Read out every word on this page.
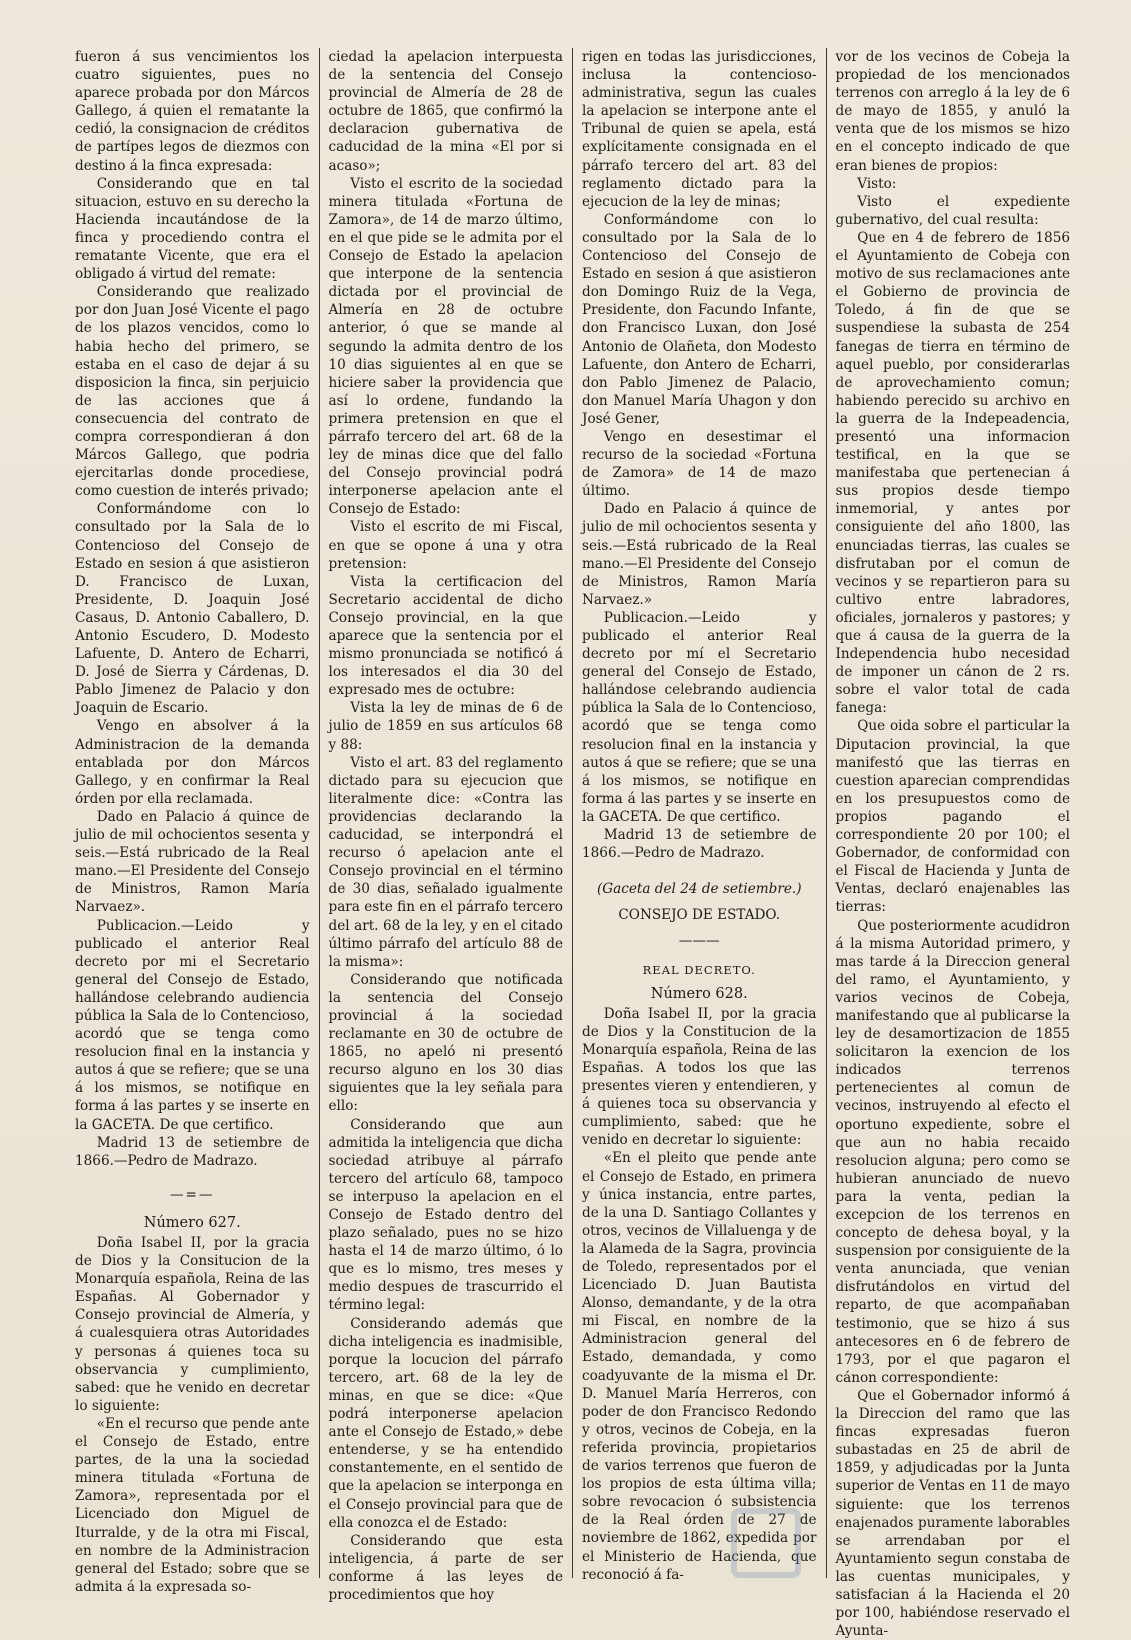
fueron á sus vencimientos los cuatro siguientes, pues no aparece probada por don Márcos Gallego, á quien el rematante la cedió, la consignacion de créditos de partípes legos de diezmos con destino á la finca expresada:

Considerando que en tal situacion, estuvo en su derecho la Hacienda incautándose de la finca y procediendo contra el rematante Vicente, que era el obligado á virtud del remate:

Considerando que realizado por don Juan José Vicente el pago de los plazos vencidos, como lo habia hecho del primero, se estaba en el caso de dejar á su disposicion la finca, sin perjuicio de las acciones que á consecuencia del contrato de compra correspondieran á don Márcos Gallego, que podria ejercitarlas donde procediese, como cuestion de interés privado;

Conformándome con lo consultado por la Sala de lo Contencioso del Consejo de Estado en sesion á que asistieron D. Francisco de Luxan, Presidente, D. Joaquin José Casaus, D. Antonio Caballero, D. Antonio Escudero, D. Modesto Lafuente, D. Antero de Echarri, D. José de Sierra y Cárdenas, D. Pablo Jimenez de Palacio y don Joaquin de Escario.

Vengo en absolver á la Administracion de la demanda entablada por don Márcos Gallego, y en confirmar la Real órden por ella reclamada.

Dado en Palacio á quince de julio de mil ochocientos sesenta y seis.—Está rubricado de la Real mano.—El Presidente del Consejo de Ministros, Ramon María Narvaez».

Publicacion.—Leido y publicado el anterior Real decreto por mi el Secretario general del Consejo de Estado, hallándose celebrando audiencia pública la Sala de lo Contencioso, acordó que se tenga como resolucion final en la instancia y autos á que se refiere; que se una á los mismos, se notifique en forma á las partes y se inserte en la GACETA. De que certifico.

Madrid 13 de setiembre de 1866.—Pedro de Madrazo.

—=—

Número 627.

Doña Isabel II, por la gracia de Dios y la Consitucion de la Monarquía española, Reina de las Españas. Al Gobernador y Consejo provincial de Almería, y á cualesquiera otras Autoridades y personas á quienes toca su observancia y cumplimiento, sabed: que he venido en decretar lo siguiente:

«En el recurso que pende ante el Consejo de Estado, entre partes, de la una la sociedad minera titulada «Fortuna de Zamora», representada por el Licenciado don Miguel de Iturralde, y de la otra mi Fiscal, en nombre de la Administracion general del Estado; sobre que se admita á la expresada so-

ciedad la apelacion interpuesta de la sentencia del Consejo provincial de Almería de 28 de octubre de 1865, que confirmó la declaracion gubernativa de caducidad de la mina «El por si acaso»;

Visto el escrito de la sociedad minera titulada «Fortuna de Zamora», de 14 de marzo último, en el que pide se le admita por el Consejo de Estado la apelacion que interpone de la sentencia dictada por el provincial de Almería en 28 de octubre anterior, ó que se mande al segundo la admita dentro de los 10 dias siguientes al en que se hiciere saber la providencia que así lo ordene, fundando la primera pretension en que el párrafo tercero del art. 68 de la ley de minas dice que del fallo del Consejo provincial podrá interponerse apelacion ante el Consejo de Estado:

Visto el escrito de mi Fiscal, en que se opone á una y otra pretension:

Vista la certificacion del Secretario accidental de dicho Consejo provincial, en la que aparece que la sentencia por el mismo pronunciada se notificó á los interesados el dia 30 del expresado mes de octubre:

Vista la ley de minas de 6 de julio de 1859 en sus artículos 68 y 88:

Visto el art. 83 del reglamento dictado para su ejecucion que literalmente dice: «Contra las providencias declarando la caducidad, se interpondrá el recurso ó apelacion ante el Consejo provincial en el término de 30 dias, señalado igualmente para este fin en el párrafo tercero del art. 68 de la ley, y en el citado último párrafo del artículo 88 de la misma»:

Considerando que notificada la sentencia del Consejo provincial á la sociedad reclamante en 30 de octubre de 1865, no apeló ni presentó recurso alguno en los 30 dias siguientes que la ley señala para ello:

Considerando que aun admitida la inteligencia que dicha sociedad atribuye al párrafo tercero del artículo 68, tampoco se interpuso la apelacion en el Consejo de Estado dentro del plazo señalado, pues no se hizo hasta el 14 de marzo último, ó lo que es lo mismo, tres meses y medio despues de trascurrido el término legal:

Considerando además que dicha inteligencia es inadmisible, porque la locucion del párrafo tercero, art. 68 de la ley de minas, en que se dice: «Que podrá interponerse apelacion ante el Consejo de Estado,» debe entenderse, y se ha entendido constantemente, en el sentido de que la apelacion se interponga en el Consejo provincial para que de ella conozca el de Estado:

Considerando que esta inteligencia, á parte de ser conforme á las leyes de procedimientos que hoy

rigen en todas las jurisdicciones, inclusa la contencioso-administrativa, segun las cuales la apelacion se interpone ante el Tribunal de quien se apela, está explícitamente consignada en el párrafo tercero del art. 83 del reglamento dictado para la ejecucion de la ley de minas;

Conformándome con lo consultado por la Sala de lo Contencioso del Consejo de Estado en sesion á que asistieron don Domingo Ruiz de la Vega, Presidente, don Facundo Infante, don Francisco Luxan, don José Antonio de Olañeta, don Modesto Lafuente, don Antero de Echarri, don Pablo Jimenez de Palacio, don Manuel María Uhagon y don José Gener,

Vengo en desestimar el recurso de la sociedad «Fortuna de Zamora» de 14 de mazo último.

Dado en Palacio á quince de julio de mil ochocientos sesenta y seis.—Está rubricado de la Real mano.—El Presidente del Consejo de Ministros, Ramon María Narvaez.»

Publicacion.—Leido y publicado el anterior Real decreto por mí el Secretario general del Consejo de Estado, hallándose celebrando audiencia pública la Sala de lo Contencioso, acordó que se tenga como resolucion final en la instancia y autos á que se refiere; que se una á los mismos, se notifique en forma á las partes y se inserte en la GACETA. De que certifico.

Madrid 13 de setiembre de 1866.—Pedro de Madrazo.

(Gaceta del 24 de setiembre.)

CONSEJO DE ESTADO.

———

REAL DECRETO.

Número 628.

Doña Isabel II, por la gracia de Dios y la Constitucion de la Monarquía española, Reina de las Españas. A todos los que las presentes vieren y entendieren, y á quienes toca su observancia y cumplimiento, sabed: que he venido en decretar lo siguiente:

«En el pleito que pende ante el Consejo de Estado, en primera y única instancia, entre partes, de la una D. Santiago Collantes y otros, vecinos de Villaluenga y de la Alameda de la Sagra, provincia de Toledo, representados por el Licenciado D. Juan Bautista Alonso, demandante, y de la otra mi Fiscal, en nombre de la Administracion general del Estado, demandada, y como coadyuvante de la misma el Dr. D. Manuel María Herreros, con poder de don Francisco Redondo y otros, vecinos de Cobeja, en la referida provincia, propietarios de varios terrenos que fueron de los propios de esta última villa; sobre revocacion ó subsistencia de la Real órden de 27 de noviembre de 1862, expedida por el Ministerio de Hacienda, que reconoció á fa-

vor de los vecinos de Cobeja la propiedad de los mencionados terrenos con arreglo á la ley de 6 de mayo de 1855, y anuló la venta que de los mismos se hizo en el concepto indicado de que eran bienes de propios:

Visto:

Visto el expediente gubernativo, del cual resulta:

Que en 4 de febrero de 1856 el Ayuntamiento de Cobeja con motivo de sus reclamaciones ante el Gobierno de provincia de Toledo, á fin de que se suspendiese la subasta de 254 fanegas de tierra en término de aquel pueblo, por considerarlas de aprovechamiento comun; habiendo perecido su archivo en la guerra de la Indepeadencia, presentó una informacion testifical, en la que se manifestaba que pertenecian á sus propios desde tiempo inmemorial, y antes por consiguiente del año 1800, las enunciadas tierras, las cuales se disfrutaban por el comun de vecinos y se repartieron para su cultivo entre labradores, oficiales, jornaleros y pastores; y que á causa de la guerra de la Independencia hubo necesidad de imponer un cánon de 2 rs. sobre el valor total de cada fanega:

Que oida sobre el particular la Diputacion provincial, la que manifestó que las tierras en cuestion aparecian comprendidas en los presupuestos como de propios pagando el correspondiente 20 por 100; el Gobernador, de conformidad con el Fiscal de Hacienda y Junta de Ventas, declaró enajenables las tierras:

Que posteriormente acudidron á la misma Autoridad primero, y mas tarde á la Direccion general del ramo, el Ayuntamiento, y varios vecinos de Cobeja, manifestando que al publicarse la ley de desamortizacion de 1855 solicitaron la exencion de los indicados terrenos pertenecientes al comun de vecinos, instruyendo al efecto el oportuno expediente, sobre el que aun no habia recaido resolucion alguna; pero como se hubieran anunciado de nuevo para la venta, pedian la excepcion de los terrenos en concepto de dehesa boyal, y la suspension por consiguiente de la venta anunciada, que venian disfrutándolos en virtud del reparto, de que acompañaban testimonio, que se hizo á sus antecesores en 6 de febrero de 1793, por el que pagaron el cánon correspondiente:

Que el Gobernador informó á la Direccion del ramo que las fincas expresadas fueron subastadas en 25 de abril de 1859, y adjudicadas por la Junta superior de Ventas en 11 de mayo siguiente: que los terrenos enajenados puramente laborables se arrendaban por el Ayuntamiento segun constaba de las cuentas municipales, y satisfacian á la Hacienda el 20 por 100, habiéndose reservado el Ayunta-
